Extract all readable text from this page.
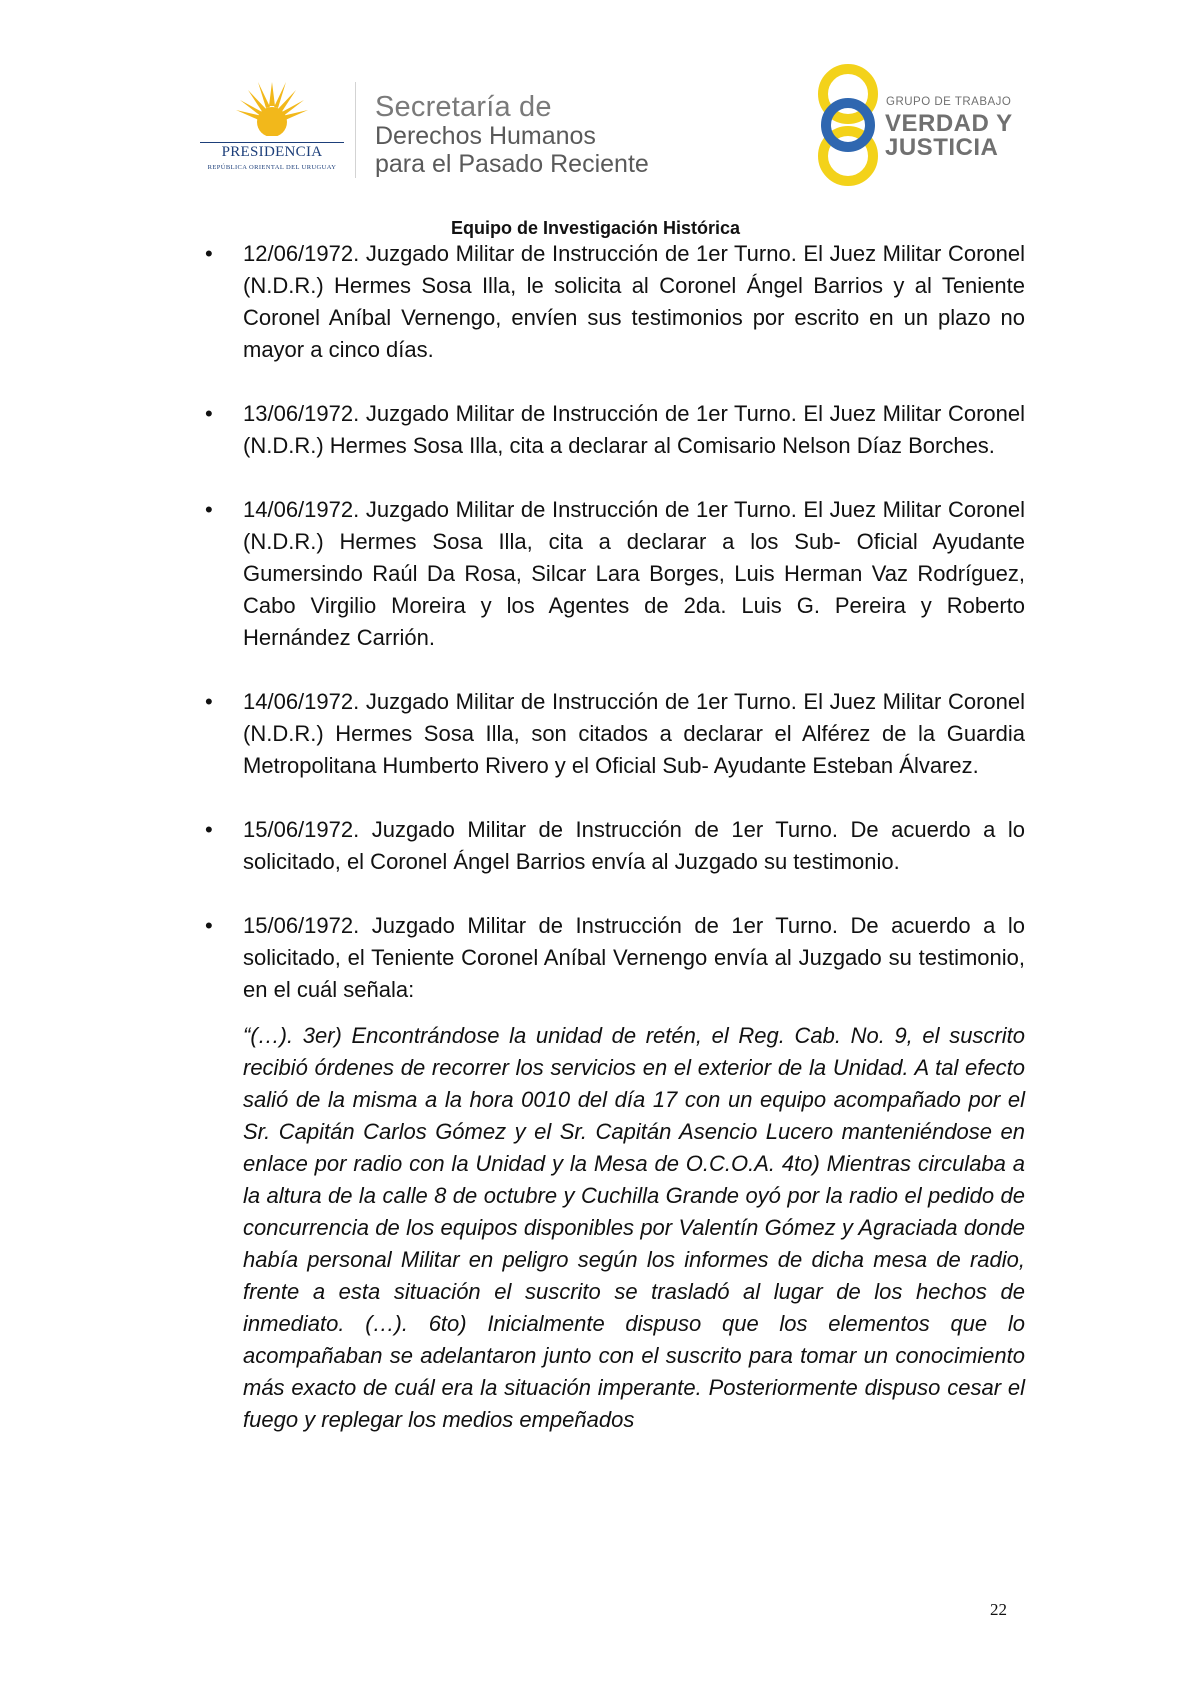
PRESIDENCIA
REPÚBLICA ORIENTAL DEL URUGUAY
Secretaría de
Derechos Humanos
para el Pasado Reciente
GRUPO DE TRABAJO
VERDAD Y
JUSTICIA
Equipo de Investigación Histórica
• 12/06/1972. Juzgado Militar de Instrucción de 1er Turno. El Juez Militar Coronel (N.D.R.) Hermes Sosa Illa, le solicita al Coronel Ángel Barrios y al Teniente Coronel Aníbal Vernengo, envíen sus testimonios por escrito en un plazo no mayor a cinco días.

• 13/06/1972. Juzgado Militar de Instrucción de 1er Turno. El Juez Militar Coronel (N.D.R.) Hermes Sosa Illa, cita a declarar al Comisario Nelson Díaz Borches.

• 14/06/1972. Juzgado Militar de Instrucción de 1er Turno. El Juez Militar Coronel (N.D.R.) Hermes Sosa Illa, cita a declarar a los Sub- Oficial Ayudante Gumersindo Raúl Da Rosa, Silcar Lara Borges, Luis Herman Vaz Rodríguez, Cabo Virgilio Moreira y los Agentes de 2da. Luis G. Pereira y Roberto Hernández Carrión.

• 14/06/1972. Juzgado Militar de Instrucción de 1er Turno. El Juez Militar Coronel (N.D.R.) Hermes Sosa Illa, son citados a declarar el Alférez de la Guardia Metropolitana Humberto Rivero y el Oficial Sub- Ayudante Esteban Álvarez.

• 15/06/1972. Juzgado Militar de Instrucción de 1er Turno. De acuerdo a lo solicitado, el Coronel Ángel Barrios envía al Juzgado su testimonio.

• 15/06/1972. Juzgado Militar de Instrucción de 1er Turno. De acuerdo a lo solicitado, el Teniente Coronel Aníbal Vernengo envía al Juzgado su testimonio, en el cuál señala:

“(…). 3er) Encontrándose la unidad de retén, el Reg. Cab. No. 9, el suscrito recibió órdenes de recorrer los servicios en el exterior de la Unidad. A tal efecto salió de la misma a la hora 0010 del día 17 con un equipo acompañado por el Sr. Capitán Carlos Gómez y el Sr. Capitán Asencio Lucero manteniéndose en enlace por radio con la Unidad y la Mesa de O.C.O.A. 4to) Mientras circulaba a la altura de la calle 8 de octubre y Cuchilla Grande oyó por la radio el pedido de concurrencia de los equipos disponibles por Valentín Gómez y Agraciada donde había personal Militar en peligro según los informes de dicha mesa de radio, frente a esta situación el suscrito se trasladó al lugar de los hechos de inmediato. (…). 6to) Inicialmente dispuso que los elementos que lo acompañaban se adelantaron junto con el suscrito para tomar un conocimiento más exacto de cuál era la situación imperante. Posteriormente dispuso cesar el fuego y replegar los medios empeñados

22
